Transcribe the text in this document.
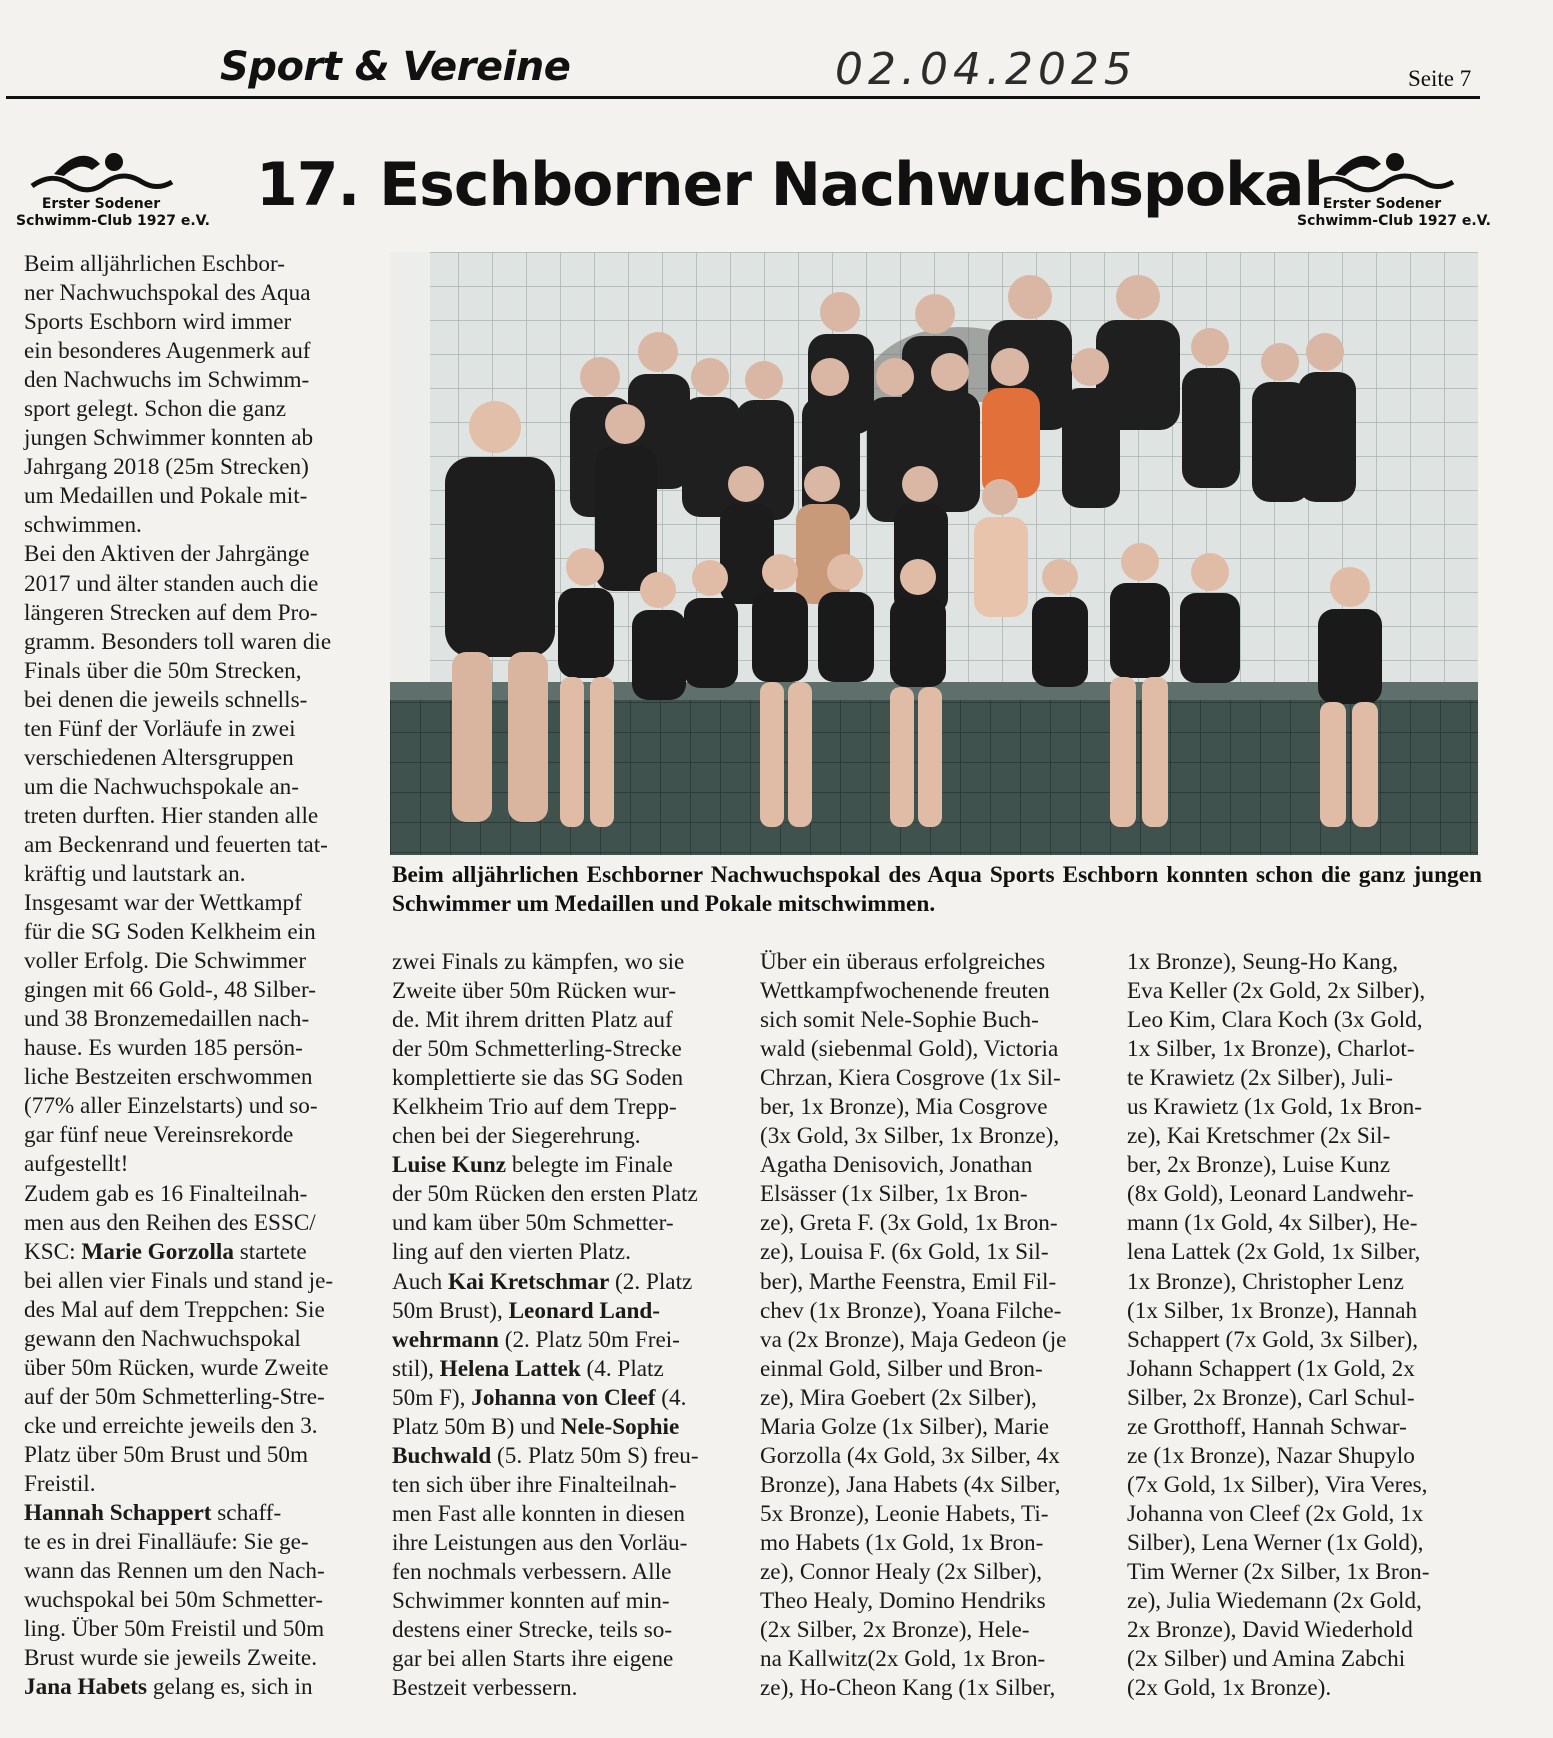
Sport & Vereine	02.04.2025	Seite 7
Erster Sodener
Schwimm-Club 1927 e.V.
17. Eschborner Nachwuchspokal Erster Sodener
Schwimm-Club 1927 e.V.
Beim alljährlichen Eschborner Nachwuchspokal des Aqua Sports Eschborn konnten schon die ganz jungen Schwimmer um Medaillen und Pokale mitschwimmen.
Beim alljährlichen Eschbor-
ner Nachwuchspokal des Aqua
Sports Eschborn wird immer
ein besonderes Augenmerk auf
den Nachwuchs im Schwimm-
sport gelegt. Schon die ganz
jungen Schwimmer konnten ab
Jahrgang 2018 (25m Strecken)
um Medaillen und Pokale mit-
schwimmen.
Bei den Aktiven der Jahrgänge
2017 und älter standen auch die
längeren Strecken auf dem Pro-
gramm. Besonders toll waren die
Finals über die 50m Strecken,
bei denen die jeweils schnells-
ten Fünf der Vorläufe in zwei
verschiedenen Altersgruppen
um die Nachwuchspokale an-
treten durften. Hier standen alle
am Beckenrand und feuerten tat-
kräftig und lautstark an.
Insgesamt war der Wettkampf
für die SG Soden Kelkheim ein
voller Erfolg. Die Schwimmer
gingen mit 66 Gold-, 48 Silber-
und 38 Bronzemedaillen nach-
hause. Es wurden 185 persön-
liche Bestzeiten erschwommen
(77% aller Einzelstarts) und so-
gar fünf neue Vereinsrekorde
aufgestellt!
Zudem gab es 16 Finalteilnah-
men aus den Reihen des ESSC/
KSC: Marie Gorzolla startete
bei allen vier Finals und stand je-
des Mal auf dem Treppchen: Sie
gewann den Nachwuchspokal
über 50m Rücken, wurde Zweite
auf der 50m Schmetterling-Stre-
cke und erreichte jeweils den 3.
Platz über 50m Brust und 50m
Freistil.
Hannah Schappert schaff-
te es in drei Finalläufe: Sie ge-
wann das Rennen um den Nach-
wuchspokal bei 50m Schmetter-
ling. Über 50m Freistil und 50m
Brust wurde sie jeweils Zweite.
Jana Habets gelang es, sich in
zwei Finals zu kämpfen, wo sie
Zweite über 50m Rücken wur-
de. Mit ihrem dritten Platz auf
der 50m Schmetterling-Strecke
komplettierte sie das SG Soden
Kelkheim Trio auf dem Trepp-
chen bei der Siegerehrung.
Luise Kunz belegte im Finale
der 50m Rücken den ersten Platz
und kam über 50m Schmetter-
ling auf den vierten Platz.
Auch Kai Kretschmar (2. Platz
50m Brust), Leonard Land-
wehrmann (2. Platz 50m Frei-
stil), Helena Lattek (4. Platz
50m F), Johanna von Cleef (4.
Platz 50m B) und Nele-Sophie
Buchwald (5. Platz 50m S) freu-
ten sich über ihre Finalteilnah-
men Fast alle konnten in diesen
ihre Leistungen aus den Vorläu-
fen nochmals verbessern. Alle
Schwimmer konnten auf min-
destens einer Strecke, teils so-
gar bei allen Starts ihre eigene
Bestzeit verbessern.
Über ein überaus erfolgreiches
Wettkampfwochenende freuten
sich somit Nele-Sophie Buch-
wald (siebenmal Gold), Victoria
Chrzan, Kiera Cosgrove (1x Sil-
ber, 1x Bronze), Mia Cosgrove
(3x Gold, 3x Silber, 1x Bronze),
Agatha Denisovich, Jonathan
Elsässer (1x Silber, 1x Bron-
ze), Greta F. (3x Gold, 1x Bron-
ze), Louisa F. (6x Gold, 1x Sil-
ber), Marthe Feenstra, Emil Fil-
chev (1x Bronze), Yoana Filche-
va (2x Bronze), Maja Gedeon (je
einmal Gold, Silber und Bron-
ze), Mira Goebert (2x Silber),
Maria Golze (1x Silber), Marie
Gorzolla (4x Gold, 3x Silber, 4x
Bronze), Jana Habets (4x Silber,
5x Bronze), Leonie Habets, Ti-
mo Habets (1x Gold, 1x Bron-
ze), Connor Healy (2x Silber),
Theo Healy, Domino Hendriks
(2x Silber, 2x Bronze), Hele-
na Kallwitz(2x Gold, 1x Bron-
ze), Ho-Cheon Kang (1x Silber,
1x Bronze), Seung-Ho Kang,
Eva Keller (2x Gold, 2x Silber),
Leo Kim, Clara Koch (3x Gold,
1x Silber, 1x Bronze), Charlot-
te Krawietz (2x Silber), Juli-
us Krawietz (1x Gold, 1x Bron-
ze), Kai Kretschmer (2x Sil-
ber, 2x Bronze), Luise Kunz
(8x Gold), Leonard Landwehr-
mann (1x Gold, 4x Silber), He-
lena Lattek (2x Gold, 1x Silber,
1x Bronze), Christopher Lenz
(1x Silber, 1x Bronze), Hannah
Schappert (7x Gold, 3x Silber),
Johann Schappert (1x Gold, 2x
Silber, 2x Bronze), Carl Schul-
ze Grotthoff, Hannah Schwar-
ze (1x Bronze), Nazar Shupylo
(7x Gold, 1x Silber), Vira Veres,
Johanna von Cleef (2x Gold, 1x
Silber), Lena Werner (1x Gold),
Tim Werner (2x Silber, 1x Bron-
ze), Julia Wiedemann (2x Gold,
2x Bronze), David Wiederhold
(2x Silber) und Amina Zabchi
(2x Gold, 1x Bronze).
